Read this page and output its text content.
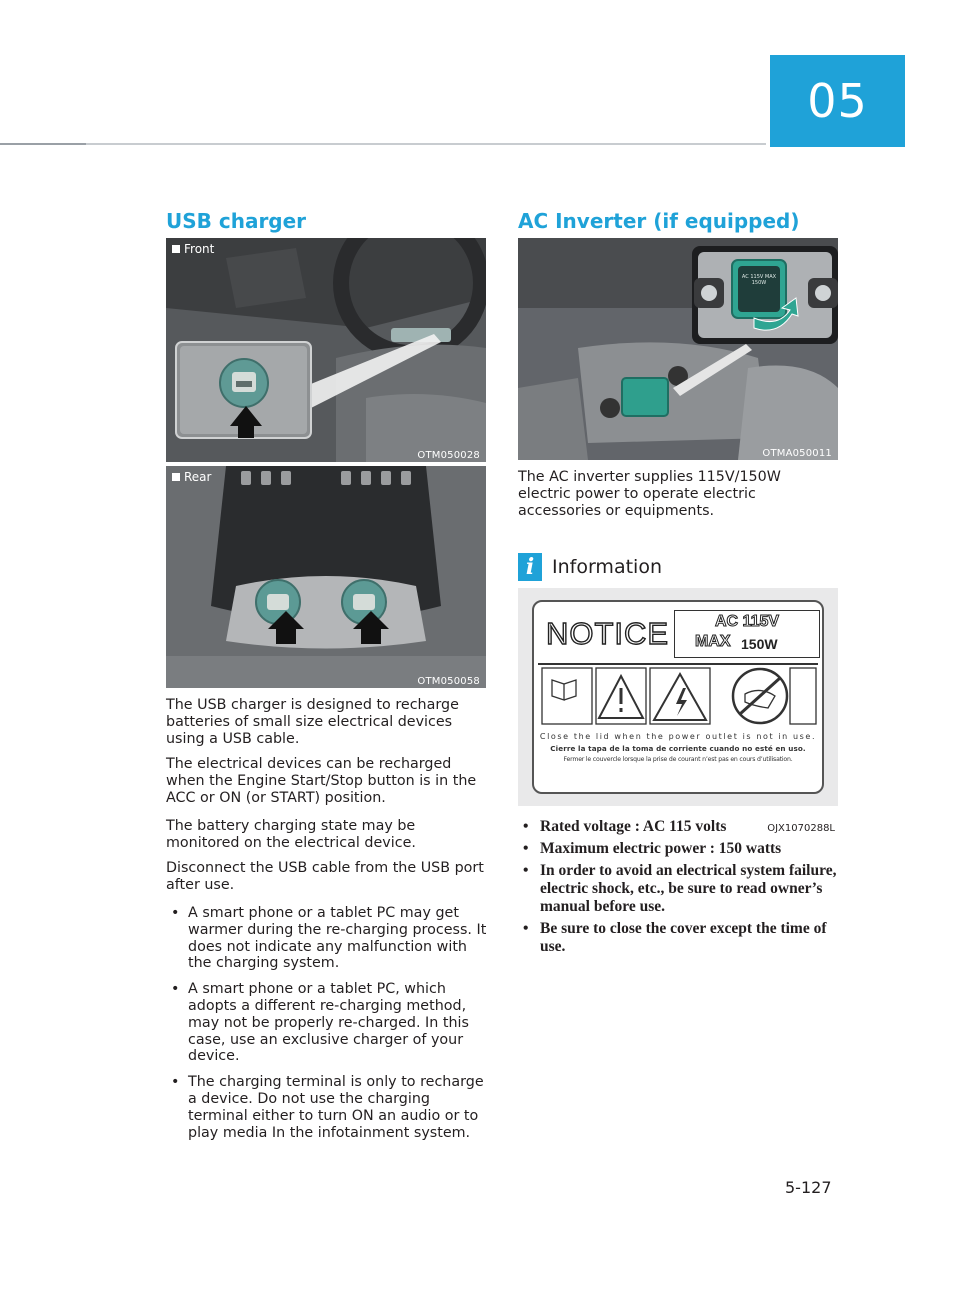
05
USB charger
Front
OTM050028
Rear
OTM050058
The USB charger is designed to recharge batteries of small size electrical devices using a USB cable.
The electrical devices can be recharged when the Engine Start/Stop button is in the ACC or ON (or START) position.
The battery charging state may be monitored on the electrical device.
Disconnect the USB cable from the USB port after use.
• A smart phone or a tablet PC may get warmer during the re-charging process. It does not indicate any malfunction with the charging system.
• A smart phone or a tablet PC, which adopts a different re-charging method, may not be properly re-charged. In this case, use an exclusive charger of your device.
• The charging terminal is only to recharge a device. Do not use the charging terminal either to turn ON an audio or to play media In the infotainment system.
AC Inverter (if equipped)
AC 115V MAX 150W
OTMA050011
The AC inverter supplies 115V/150W electric power to operate electric accessories or equipments.
i Information
NOTICE	AC 115V
MAX 150W
Close the lid when the power outlet is not in use.
Cierre la tapa de la toma de corriente cuando no esté en uso.
Fermer le couvercle lorsque la prise de courant n’est pas en cours d’utilisation.
OJX1070288L
• Rated voltage : AC 115 volts
• Maximum electric power : 150 watts
• In order to avoid an electrical system failure, electric shock, etc., be sure to read owner’s manual before use.
• Be sure to close the cover except the time of use.
5-127
